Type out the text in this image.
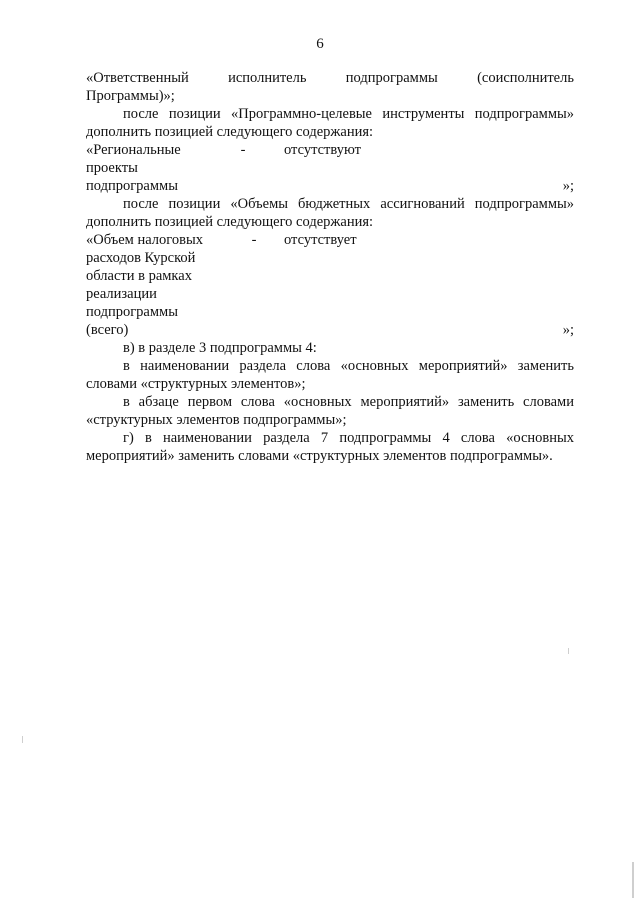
6
«Ответственный	исполнитель	подпрограммы	(соисполнитель

Программы)»;

после позиции «Программно-целевые инструменты подпрограммы» дополнить позицией следующего содержания:

«Региональные	-	отсутствуют
проекты
подпрограммы	»;

после позиции «Объемы бюджетных ассигнований подпрограммы» дополнить позицией следующего содержания:

«Объем налоговых	-	отсутствует
расходов Курской
области в рамках
реализации
подпрограммы
(всего)	»;

в) в разделе 3 подпрограммы 4:

в наименовании раздела слова «основных мероприятий» заменить словами «структурных элементов»;

в абзаце первом слова «основных мероприятий» заменить словами «структурных элементов подпрограммы»;

г) в наименовании раздела 7 подпрограммы 4 слова «основных мероприятий» заменить словами «структурных элементов подпрограммы».
